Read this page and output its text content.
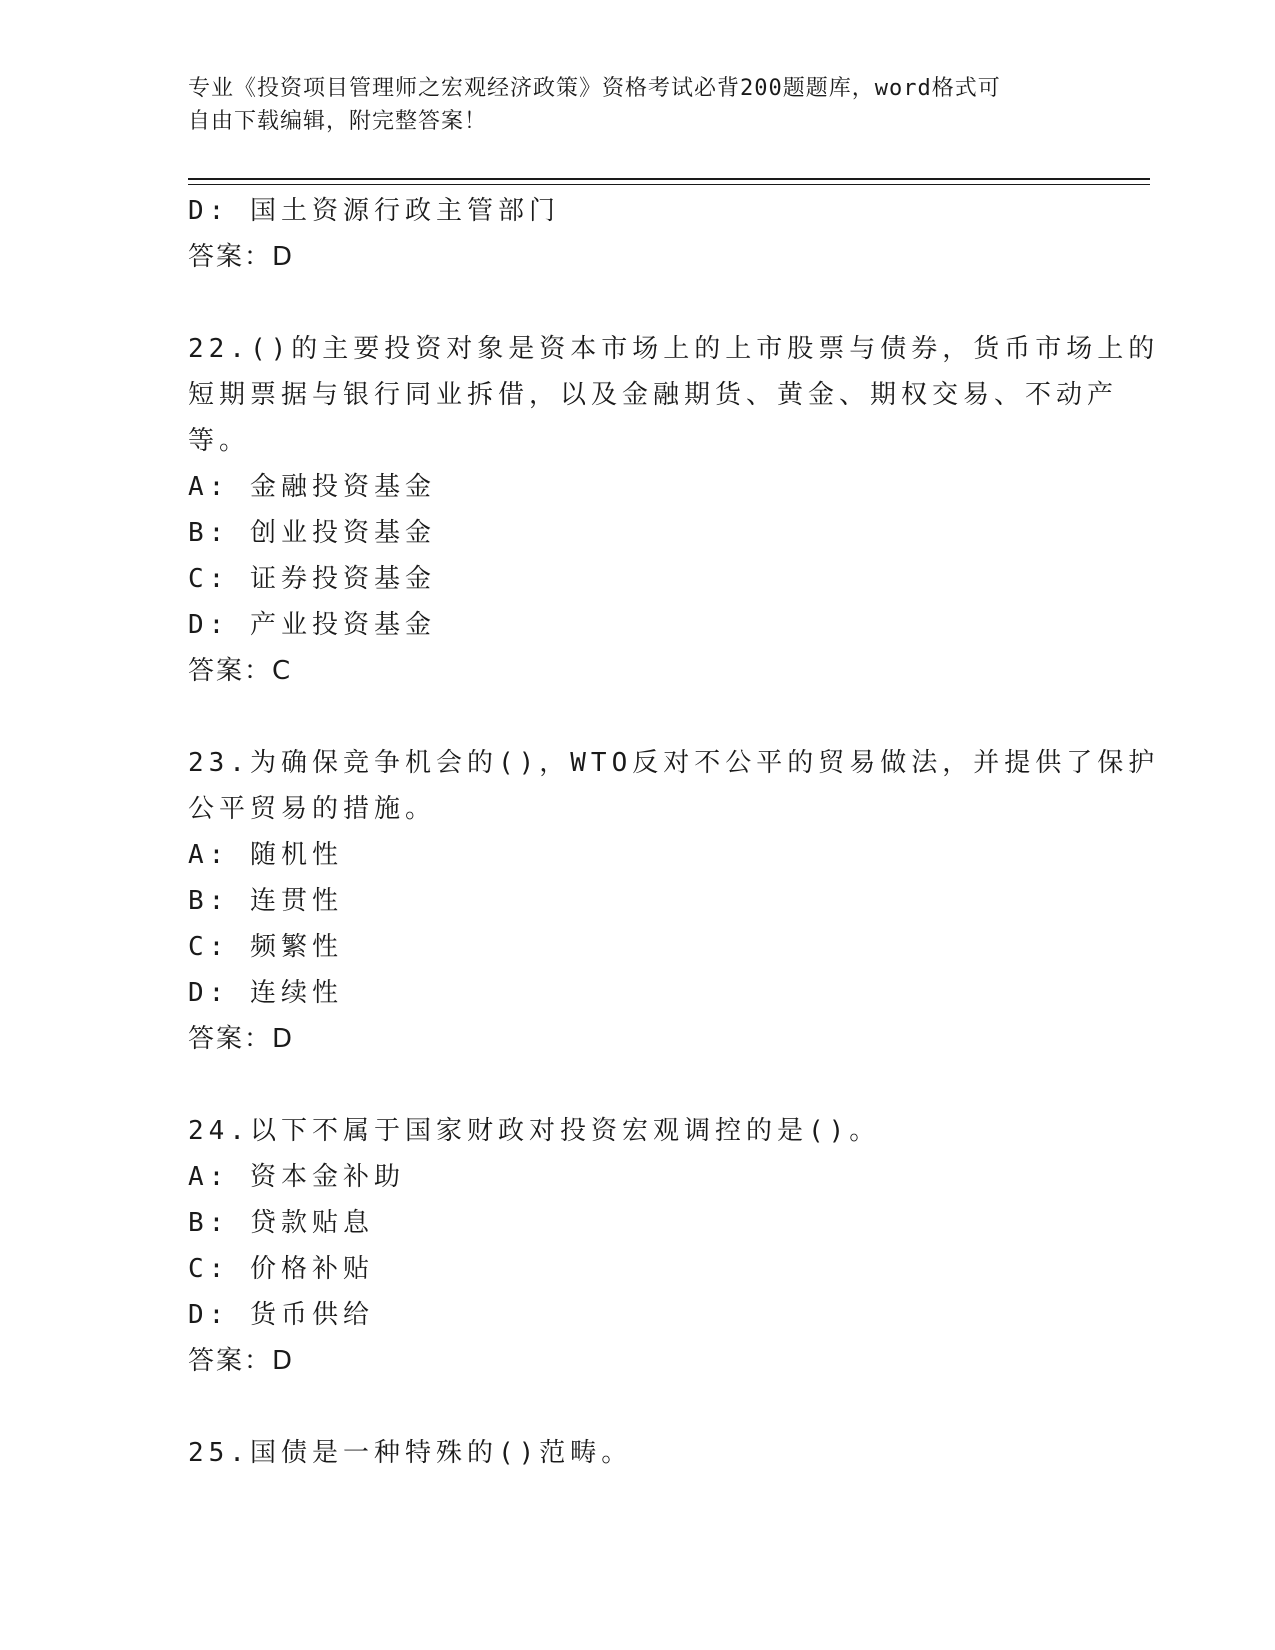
专业《投资项目管理师之宏观经济政策》资格考试必背200题题库，word格式可
自由下载编辑，附完整答案！
D: 国土资源行政主管部门
答案：D
22.()的主要投资对象是资本市场上的上市股票与债券，货币市场上的
短期票据与银行同业拆借，以及金融期货、黄金、期权交易、不动产
等。
A: 金融投资基金
B: 创业投资基金
C: 证券投资基金
D: 产业投资基金
答案：C
23.为确保竞争机会的()，WTO反对不公平的贸易做法，并提供了保护
公平贸易的措施。
A: 随机性
B: 连贯性
C: 频繁性
D: 连续性
答案：D
24.以下不属于国家财政对投资宏观调控的是()。
A: 资本金补助
B: 贷款贴息
C: 价格补贴
D: 货币供给
答案：D
25.国债是一种特殊的()范畴。
